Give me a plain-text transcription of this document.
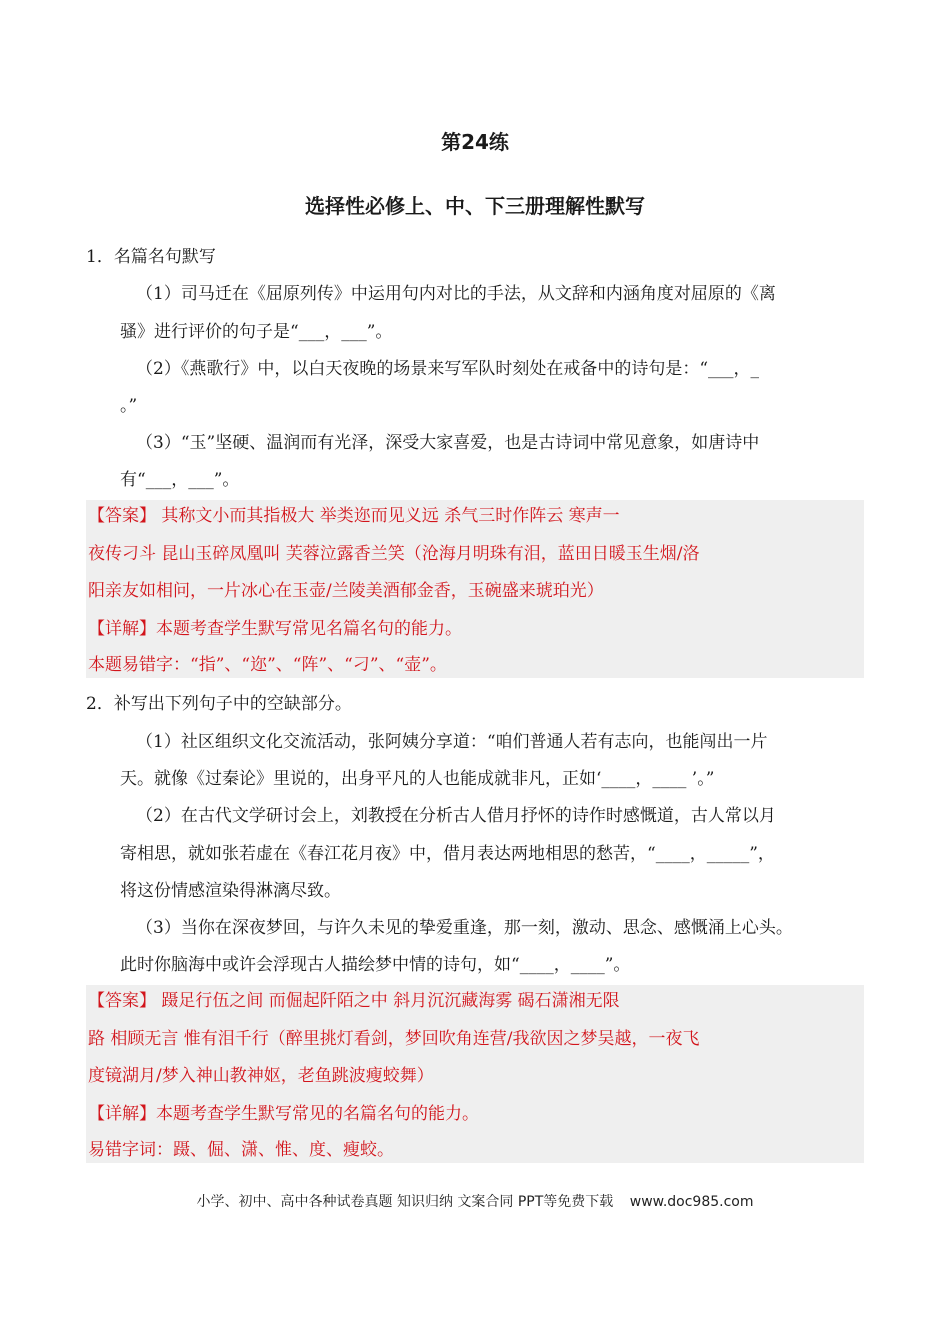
第24练
选择性必修上、中、下三册理解性默写
1．名篇名句默写
（1）司马迁在《屈原列传》中运用句内对比的手法，从文辞和内涵角度对屈原的《离
骚》进行评价的句子是“___，___”。
（2）《燕歌行》中，以白天夜晚的场景来写军队时刻处在戒备中的诗句是：“___，_
。”
（3）“玉”坚硬、温润而有光泽，深受大家喜爱，也是古诗词中常见意象，如唐诗中
有“___，___”。
【答案】 其称文小而其指极大 举类迩而见义远 杀气三时作阵云 寒声一
夜传刁斗 昆山玉碎凤凰叫 芙蓉泣露香兰笑（沧海月明珠有泪，蓝田日暖玉生烟/洛
阳亲友如相问，一片冰心在玉壶/兰陵美酒郁金香，玉碗盛来琥珀光）
【详解】本题考查学生默写常见名篇名句的能力。
本题易错字：“指”、“迩”、“阵”、“刁”、“壶”。
2．补写出下列句子中的空缺部分。
（1）社区组织文化交流活动，张阿姨分享道：“咱们普通人若有志向，也能闯出一片
天。就像《过秦论》里说的，出身平凡的人也能成就非凡，正如‘____，____ ’。”
（2）在古代文学研讨会上，刘教授在分析古人借月抒怀的诗作时感慨道，古人常以月
寄相思，就如张若虚在《春江花月夜》中，借月表达两地相思的愁苦，“____，_____”，
将这份情感渲染得淋漓尽致。
（3）当你在深夜梦回，与许久未见的挚爱重逢，那一刻，激动、思念、感慨涌上心头。
此时你脑海中或许会浮现古人描绘梦中情的诗句，如“____，____”。
【答案】 蹑足行伍之间 而倔起阡陌之中 斜月沉沉藏海雾 碣石潇湘无限
路 相顾无言 惟有泪千行（醉里挑灯看剑，梦回吹角连营/我欲因之梦吴越，一夜飞
度镜湖月/梦入神山教神妪，老鱼跳波瘦蛟舞）
【详解】本题考查学生默写常见的名篇名句的能力。
易错字词：蹑、倔、潇、惟、度、瘦蛟。
小学、初中、高中各种试卷真题 知识归纳 文案合同 PPT等免费下载 www.doc985.com
